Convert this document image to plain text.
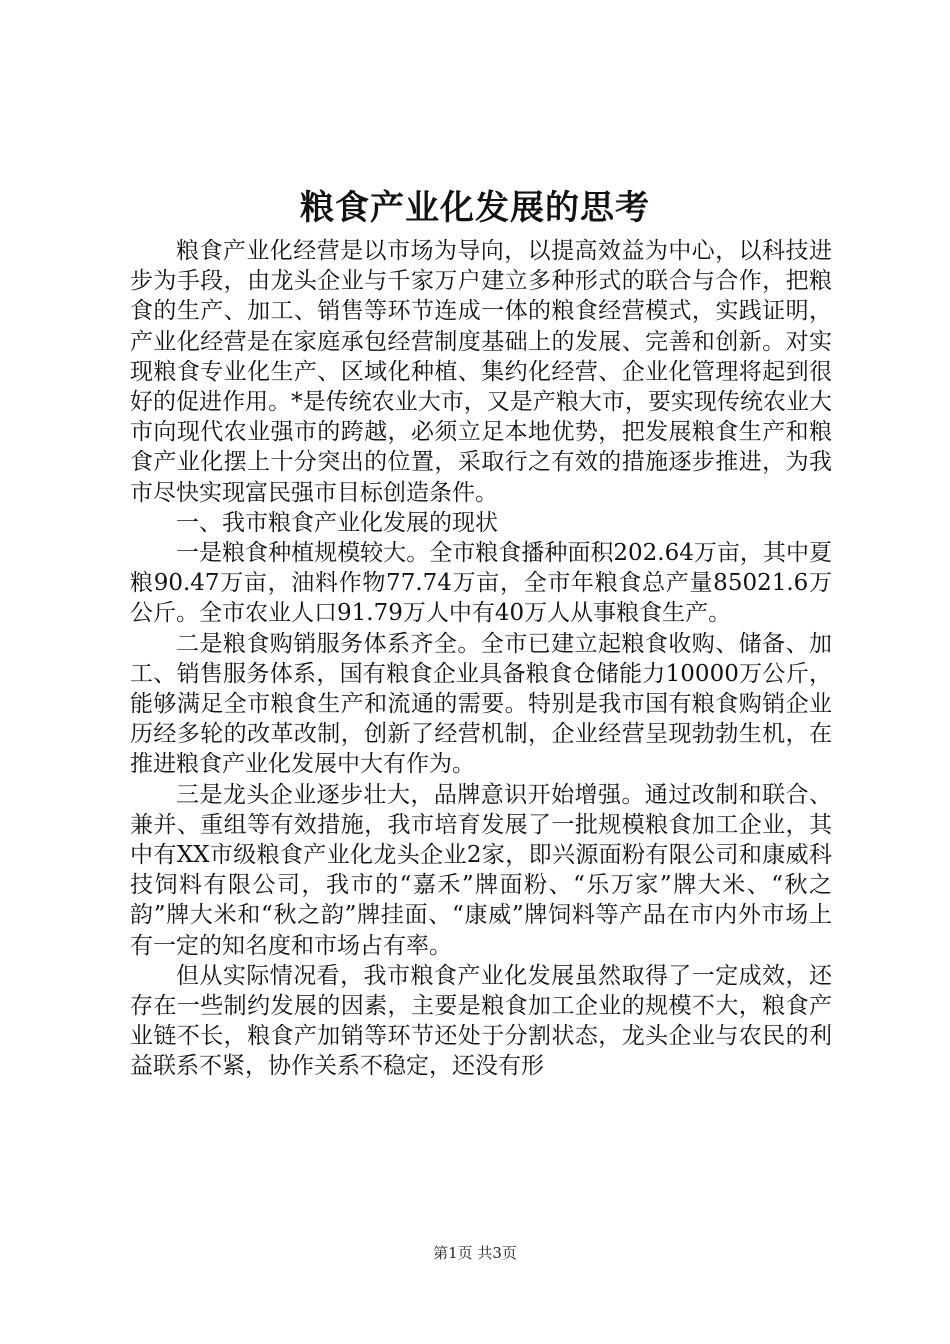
粮食产业化发展的思考

粮食产业化经营是以市场为导向，以提高效益为中心，以科技进步为手段，由龙头企业与千家万户建立多种形式的联合与合作，把粮食的生产、加工、销售等环节连成一体的粮食经营模式，实践证明，产业化经营是在家庭承包经营制度基础上的发展、完善和创新。对实现粮食专业化生产、区域化种植、集约化经营、企业化管理将起到很好的促进作用。*是传统农业大市，又是产粮大市，要实现传统农业大市向现代农业强市的跨越，必须立足本地优势，把发展粮食生产和粮食产业化摆上十分突出的位置，采取行之有效的措施逐步推进，为我市尽快实现富民强市目标创造条件。

一、我市粮食产业化发展的现状

一是粮食种植规模较大。全市粮食播种面积202.64万亩，其中夏粮90.47万亩，油料作物77.74万亩，全市年粮食总产量85021.6万公斤。全市农业人口91.79万人中有40万人从事粮食生产。

二是粮食购销服务体系齐全。全市已建立起粮食收购、储备、加工、销售服务体系，国有粮食企业具备粮食仓储能力10000万公斤，能够满足全市粮食生产和流通的需要。特别是我市国有粮食购销企业历经多轮的改革改制，创新了经营机制，企业经营呈现勃勃生机，在推进粮食产业化发展中大有作为。

三是龙头企业逐步壮大，品牌意识开始增强。通过改制和联合、兼并、重组等有效措施，我市培育发展了一批规模粮食加工企业，其中有XX市级粮食产业化龙头企业2家，即兴源面粉有限公司和康威科技饲料有限公司，我市的“嘉禾”牌面粉、“乐万家”牌大米、“秋之韵”牌大米和“秋之韵”牌挂面、“康威”牌饲料等产品在市内外市场上有一定的知名度和市场占有率。

但从实际情况看，我市粮食产业化发展虽然取得了一定成效，还存在一些制约发展的因素，主要是粮食加工企业的规模不大，粮食产业链不长，粮食产加销等环节还处于分割状态，龙头企业与农民的利益联系不紧，协作关系不稳定，还没有形

第1页 共3页
